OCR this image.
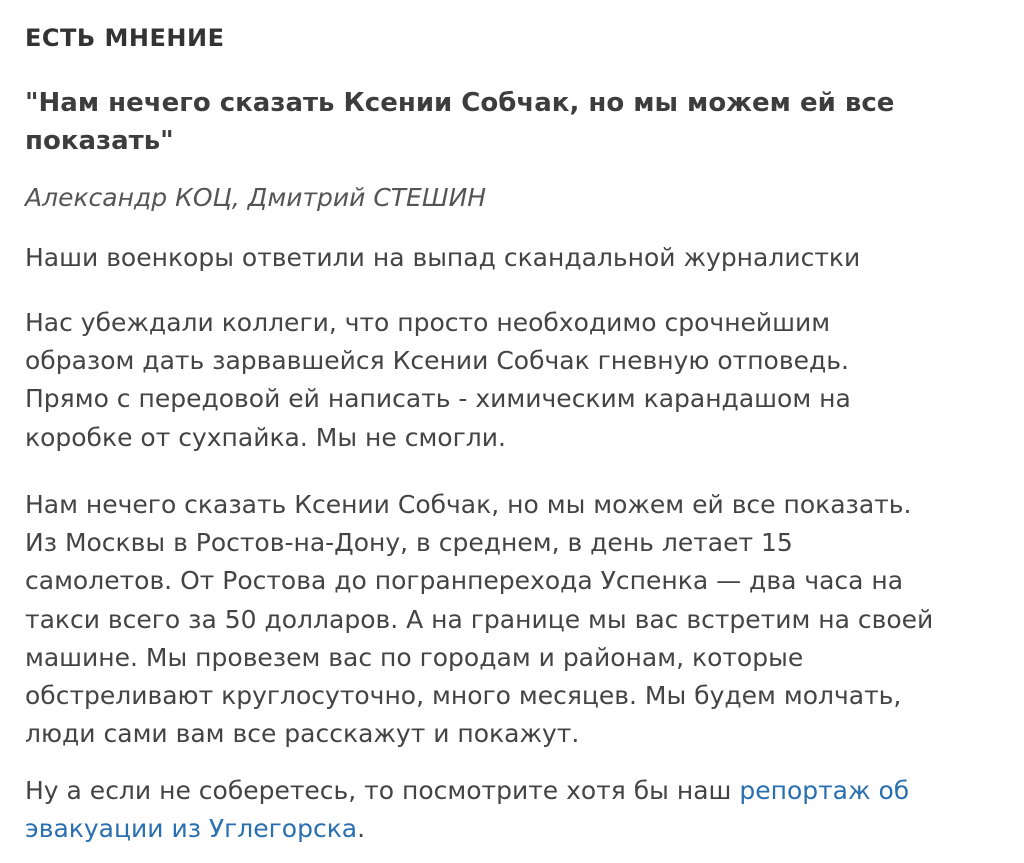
ЕСТЬ МНЕНИЕ
"Нам нечего сказать Ксении Собчак, но мы можем ей все
показать"

Александр КОЦ, Дмитрий СТЕШИН

Наши военкоры ответили на выпад скандальной журналистки

Нас убеждали коллеги, что просто необходимо срочнейшим
образом дать зарвавшейся Ксении Собчак гневную отповедь.
Прямо с передовой ей написать - химическим карандашом на
коробке от сухпайка. Мы не смогли.

Нам нечего сказать Ксении Собчак, но мы можем ей все показать.
Из Москвы в Ростов-на-Дону, в среднем, в день летает 15
самолетов. От Ростова до погранперехода Успенка — два часа на
такси всего за 50 долларов. А на границе мы вас встретим на своей
машине. Мы провезем вас по городам и районам, которые
обстреливают круглосуточно, много месяцев. Мы будем молчать,
люди сами вам все расскажут и покажут.

Ну а если не соберетесь, то посмотрите хотя бы наш репортаж об
эвакуации из Углегорска.
